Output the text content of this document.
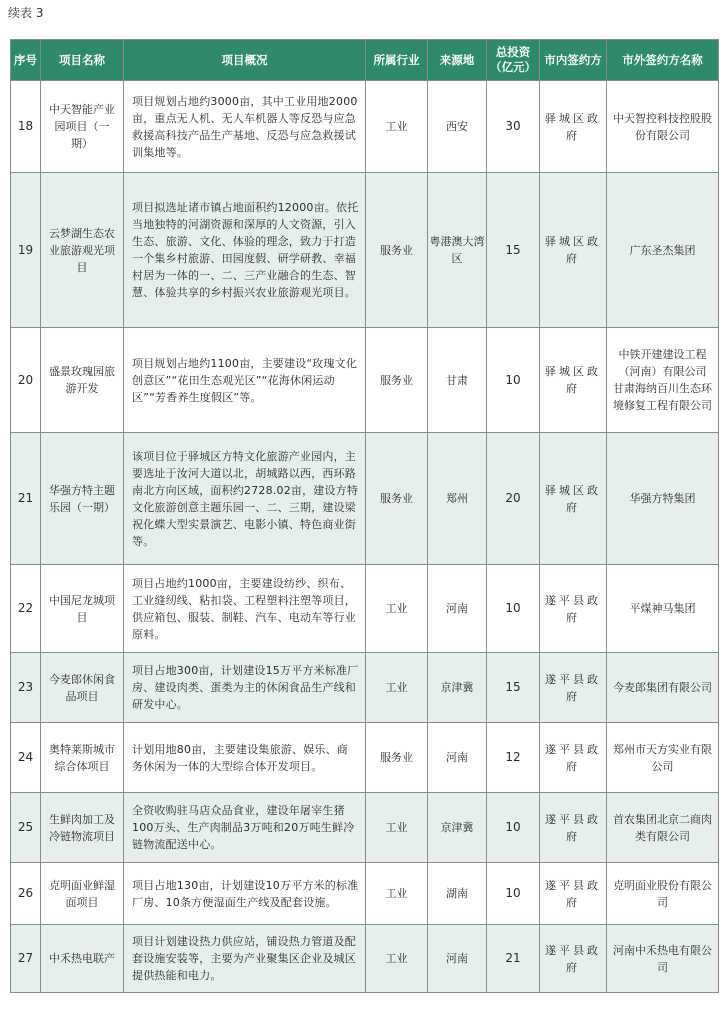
续表 3
序号	项目名称	项目概况	所属行业	来源地	总投资（亿元）	市内签约方	市外签约方名称
18	中天智能产业园项目（一期）	项目规划占地约3000亩，其中工业用地2000亩，重点无人机、无人车机器人等反恐与应急救援高科技产品生产基地、反恐与应急救援试训集地等。	工业	西安	30	驿城区政府	中天智控科技控股股份有限公司
19	云梦湖生态农业旅游观光项目	项目拟选址诸市镇占地面积约12000亩。依托当地独特的河湖资源和深厚的人文资源，引入生态、旅游、文化、体验的理念，致力于打造一个集乡村旅游、田园度假、研学研教、幸福村居为一体的一、二、三产业融合的生态、智慧、体验共享的乡村振兴农业旅游观光项目。	服务业	粤港澳大湾区	15	驿城区政府	广东圣杰集团
20	盛景玫瑰园旅游开发	项目规划占地约1100亩，主要建设“玫瑰文化创意区”“花田生态观光区”“花海休闲运动区”“芳香养生度假区”等。	服务业	甘肃	10	驿城区政府	中铁开建建设工程（河南）有限公司　甘肃海纳百川生态环境修复工程有限公司
21	华强方特主题乐园（一期）	该项目位于驿城区方特文化旅游产业园内，主要选址于汝河大道以北，胡城路以西，西环路南北方向区域，面积约2728.02亩，建设方特文化旅游创意主题乐园一、二、三期，建设梁祝化蝶大型实景演艺、电影小镇、特色商业街等。	服务业	郑州	20	驿城区政府	华强方特集团
22	中国尼龙城项目	项目占地约1000亩，主要建设纺纱、织布、工业缝纫线、粘扣袋、工程塑料注塑等项目，供应箱包、服装、制鞋、汽车、电动车等行业原料。	工业	河南	10	遂平县政府	平煤神马集团
23	今麦郎休闲食品项目	项目占地300亩，计划建设15万平方米标准厂房、建设肉类、蛋类为主的休闲食品生产线和研发中心。	工业	京津冀	15	遂平县政府	今麦郎集团有限公司
24	奥特莱斯城市综合体项目	计划用地80亩，主要建设集旅游、娱乐、商务休闲为一体的大型综合体开发项目。	服务业	河南	12	遂平县政府	郑州市天方实业有限公司
25	生鲜肉加工及冷链物流项目	全资收购驻马店众品食业，建设年屠宰生猪100万头、生产肉制品3万吨和20万吨生鲜冷链物流配送中心。	工业	京津冀	10	遂平县政府	首农集团北京二商肉类有限公司
26	克明面业鲜湿面项目	项目占地130亩，计划建设10万平方米的标准厂房、10条方便湿面生产线及配套设施。	工业	湖南	10	遂平县政府	克明面业股份有限公司
27	中禾热电联产	项目计划建设热力供应站，铺设热力管道及配套设施安装等，主要为产业聚集区企业及城区提供热能和电力。	工业	河南	21	遂平县政府	河南中禾热电有限公司
